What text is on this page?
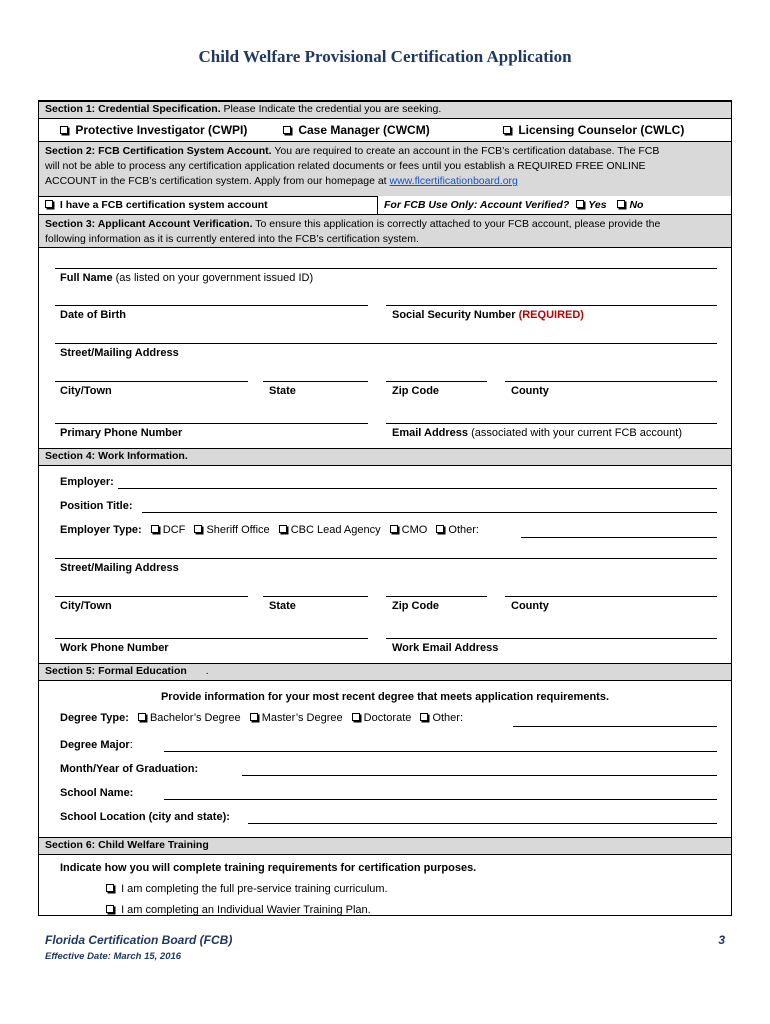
Child Welfare Provisional Certification Application
Section 1: Credential Specification. Please Indicate the credential you are seeking.
Protective Investigator (CWPI)	Case Manager (CWCM)	Licensing Counselor (CWLC)
Section 2: FCB Certification System Account. You are required to create an account in the FCB’s certification database. The FCB
will not be able to process any certification application related documents or fees until you establish a REQUIRED FREE ONLINE
ACCOUNT in the FCB’s certification system. Apply from our homepage at www.flcertificationboard.org
I have a FCB certification system account	For FCB Use Only: Account Verified? Yes No
Section 3: Applicant Account Verification. To ensure this application is correctly attached to your FCB account, please provide the
following information as it is currently entered into the FCB’s certification system.
Full Name (as listed on your government issued ID)
Date of Birth	Social Security Number (REQUIRED)
Street/Mailing Address
City/Town	State	Zip Code	County
Primary Phone Number	Email Address (associated with your current FCB account)
Section 4: Work Information.
Employer:
Position Title:
Employer Type: DCF Sheriff Office CBC Lead Agency CMO Other:
Street/Mailing Address
City/Town	State	Zip Code	County
Work Phone Number	Work Email Address
Section 5: Formal Education .
Provide information for your most recent degree that meets application requirements.
Degree Type: Bachelor’s Degree Master’s Degree Doctorate Other:
Degree Major:
Month/Year of Graduation:
School Name:
School Location (city and state):
Section 6: Child Welfare Training
Indicate how you will complete training requirements for certification purposes.
I am completing the full pre-service training curriculum.
I am completing an Individual Wavier Training Plan.
Florida Certification Board (FCB)	3
Effective Date: March 15, 2016
